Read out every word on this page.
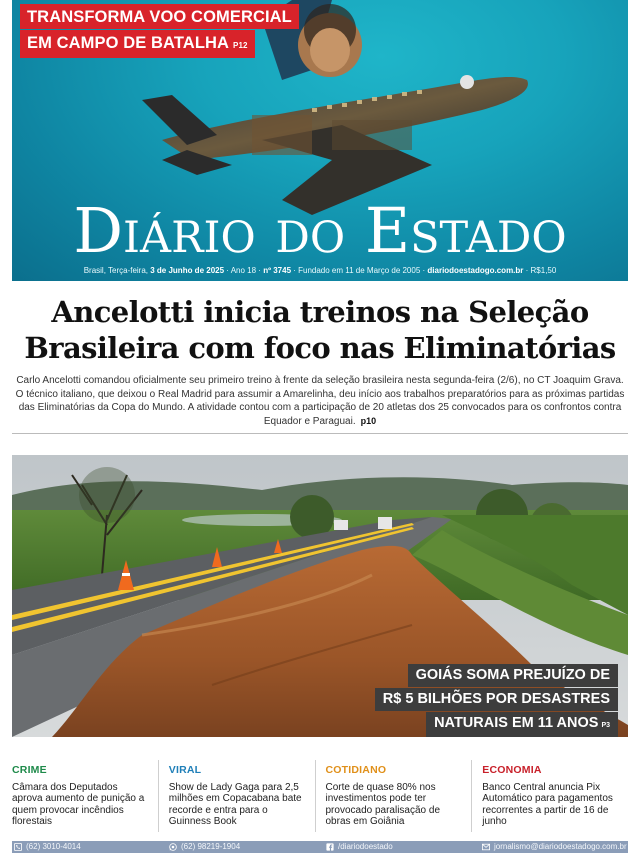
TRANSFORMA VOO COMERCIAL
EM CAMPO DE BATALHA P12
Diário do Estado
Brasil, Terça-feira, 3 de Junho de 2025 · Ano 18 · nº 3745 · Fundado em 11 de Março de 2005 · diariodoestadogo.com.br · R$1,50
Ancelotti inicia treinos na Seleção
Brasileira com foco nas Eliminatórias
Carlo Ancelotti comandou oficialmente seu primeiro treino à frente da seleção brasileira nesta segunda-feira (2/6), no CT Joaquim Grava. O técnico italiano, que deixou o Real Madrid para assumir a Amarelinha, deu início aos trabalhos preparatórios para as próximas partidas das Eliminatórias da Copa do Mundo. A atividade contou com a participação de 20 atletas dos 25 convocados para os confrontos contra Equador e Paraguai. p10
GOIÁS SOMA PREJUÍZO DE
R$ 5 BILHÕES POR DESASTRES
NATURAIS EM 11 ANOS P3
CRIME
Câmara dos Deputados aprova aumento de punição a quem provocar incêndios florestais
VIRAL
Show de Lady Gaga para 2,5 milhões em Copacabana bate recorde e entra para o Guinness Book
COTIDIANO
Corte de quase 80% nos investimentos pode ter provocado paralisação de obras em Goiânia
ECONOMIA
Banco Central anuncia Pix Automático para pagamentos recorrentes a partir de 16 de junho
(62) 3010-4014	(62) 98219-1904	/diariodoestado	jornalismo@diariodoestadogo.com.br
